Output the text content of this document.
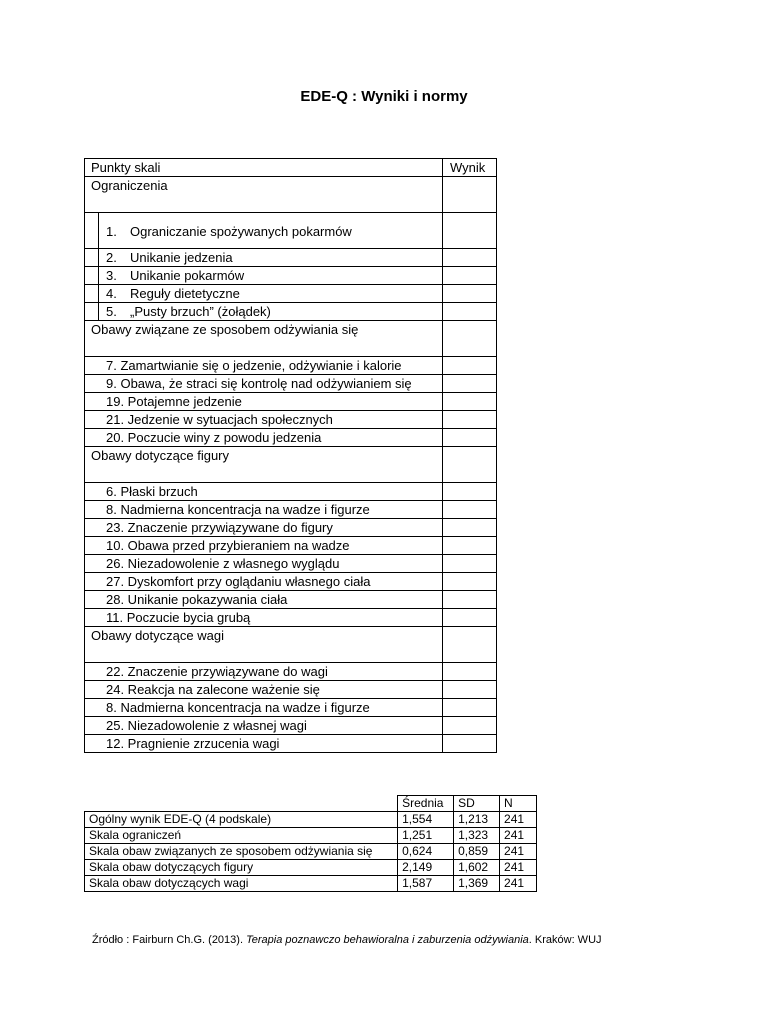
EDE-Q : Wyniki i normy
Punkty skali	Wynik
Ograniczenia	

1. Ograniczanie spożywanych pokarmów	

2. Unikanie jedzenia	

3. Unikanie pokarmów	

4. Reguły dietetyczne	

5. „Pusty brzuch” (żołądek)	

Obawy związane ze sposobem odżywiania się	

7. Zamartwianie się o jedzenie, odżywianie i kalorie	

9. Obawa, że straci się kontrolę nad odżywianiem się	

19. Potajemne jedzenie	

21. Jedzenie w sytuacjach społecznych	

20. Poczucie winy z powodu jedzenia	

Obawy dotyczące figury	

6. Płaski brzuch	

8. Nadmierna koncentracja na wadze i figurze	

23. Znaczenie przywiązywane do figury	

10. Obawa przed przybieraniem na wadze	

26. Niezadowolenie z własnego wyglądu	

27. Dyskomfort przy oglądaniu własnego ciała	

28. Unikanie pokazywania ciała	

11. Poczucie bycia grubą	

Obawy dotyczące wagi	

22. Znaczenie przywiązywane do wagi	

24. Reakcja na zalecone ważenie się	

8. Nadmierna koncentracja na wadze i figurze	

25. Niezadowolenie z własnej wagi	

12. Pragnienie zrzucenia wagi	

	Średnia	SD	N
Ogólny wynik EDE-Q (4 podskale)	1,554	1,213	241
Skala ograniczeń	1,251	1,323	241
Skala obaw związanych ze sposobem odżywiania się	0,624	0,859	241
Skala obaw dotyczących figury	2,149	1,602	241
Skala obaw dotyczących wagi	1,587	1,369	241
Źródło : Fairburn Ch.G. (2013). Terapia poznawczo behawioralna i zaburzenia odżywiania. Kraków: WUJ
